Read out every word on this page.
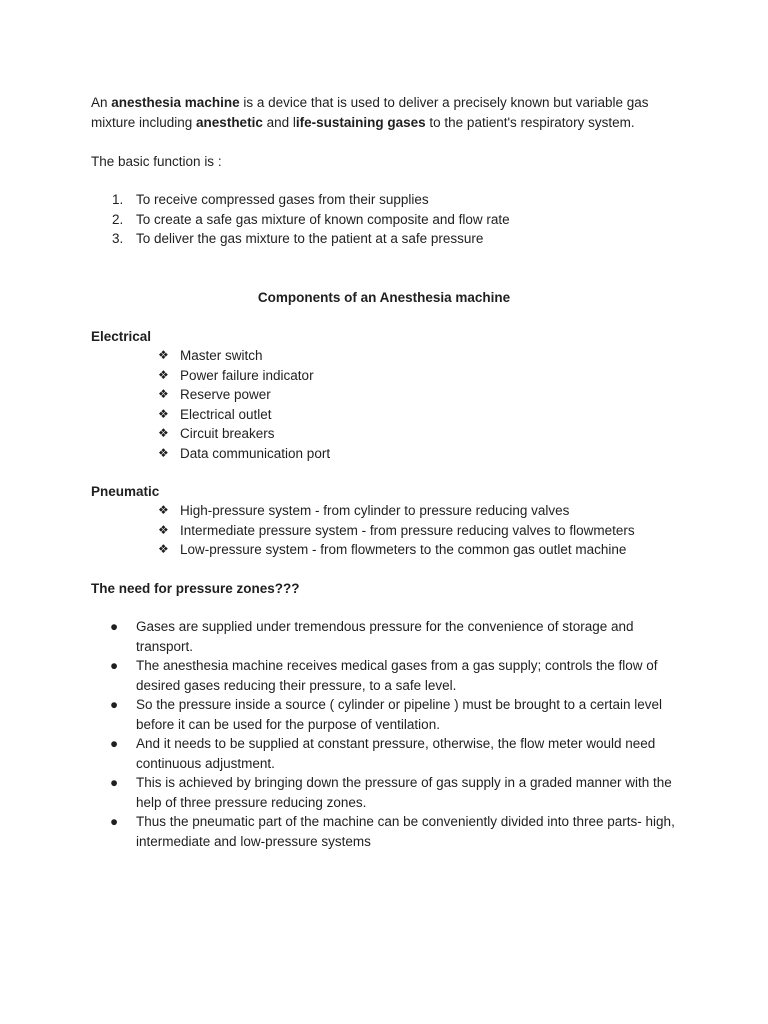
An anesthesia machine is a device that is used to deliver a precisely known but variable gas mixture including anesthetic and life-sustaining gases to the patient's respiratory system.

The basic function is :
1. To receive compressed gases from their supplies
2. To create a safe gas mixture of known composite and flow rate
3. To deliver the gas mixture to the patient at a safe pressure
Components of an Anesthesia machine
Electrical
❖ Master switch
❖ Power failure indicator
❖ Reserve power
❖ Electrical outlet
❖ Circuit breakers
❖ Data communication port
Pneumatic
❖ High-pressure system - from cylinder to pressure reducing valves
❖ Intermediate pressure system - from pressure reducing valves to flowmeters
❖ Low-pressure system - from flowmeters to the common gas outlet machine
The need for pressure zones???
● Gases are supplied under tremendous pressure for the convenience of storage and transport.
● The anesthesia machine receives medical gases from a gas supply; controls the flow of desired gases reducing their pressure, to a safe level.
● So the pressure inside a source ( cylinder or pipeline ) must be brought to a certain level before it can be used for the purpose of ventilation.
● And it needs to be supplied at constant pressure, otherwise, the flow meter would need continuous adjustment.
● This is achieved by bringing down the pressure of gas supply in a graded manner with the help of three pressure reducing zones.
● Thus the pneumatic part of the machine can be conveniently divided into three parts- high, intermediate and low-pressure systems
